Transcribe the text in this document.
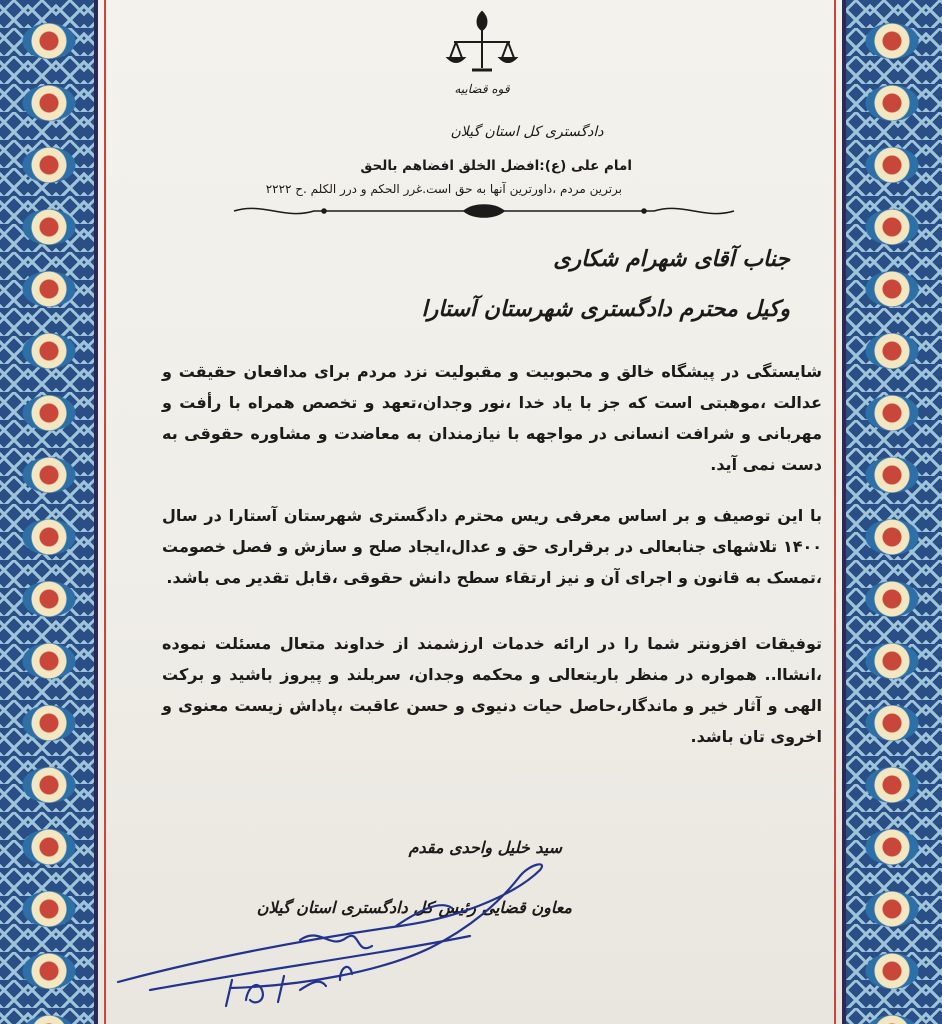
قوه قضاییه
دادگستری کل استان گیلان
امام علی (ع):افضل الخلق افضاهم بالحق
برترین مردم ،داورترین آنها به حق است.غرر الحکم و درر الکلم .ح ۲۲۲۲
جناب آقای شهرام شکاری
وکیل محترم دادگستری شهرستان آستارا
شایستگی در پیشگاه خالق و محبوبیت و مقبولیت نزد مردم برای مدافعان حقیقت و عدالت ،موهبتی است که جز با یاد خدا ،نور وجدان،تعهد و تخصص همراه با رأفت و مهربانی و شرافت انسانی در مواجهه با نیازمندان به معاضدت و مشاوره حقوقی به دست نمی آید.
با این توصیف و بر اساس معرفی ریس محترم دادگستری شهرستان آستارا در سال ۱۴۰۰ تلاشهای جنابعالی در برقراری حق و عدال،ایجاد صلح و سازش و فصل خصومت ،تمسک به قانون و اجرای آن و نیز ارتقاء سطح دانش حقوقی ،قابل تقدیر می باشد.
توفیقات افزونتر شما را در ارائه خدمات ارزشمند از خداوند متعال مسئلت نموده ،انشاا.. همواره در منظر باریتعالی و محکمه وجدان، سربلند و پیروز باشید و برکت الهی و آثار خیر و ماندگار،حاصل حیات دنیوی و حسن عاقبت ،پاداش زیست معنوی و اخروی تان باشد.
سید خلیل واحدی مقدم
معاون قضایی رئیس کل دادگستری استان گیلان
